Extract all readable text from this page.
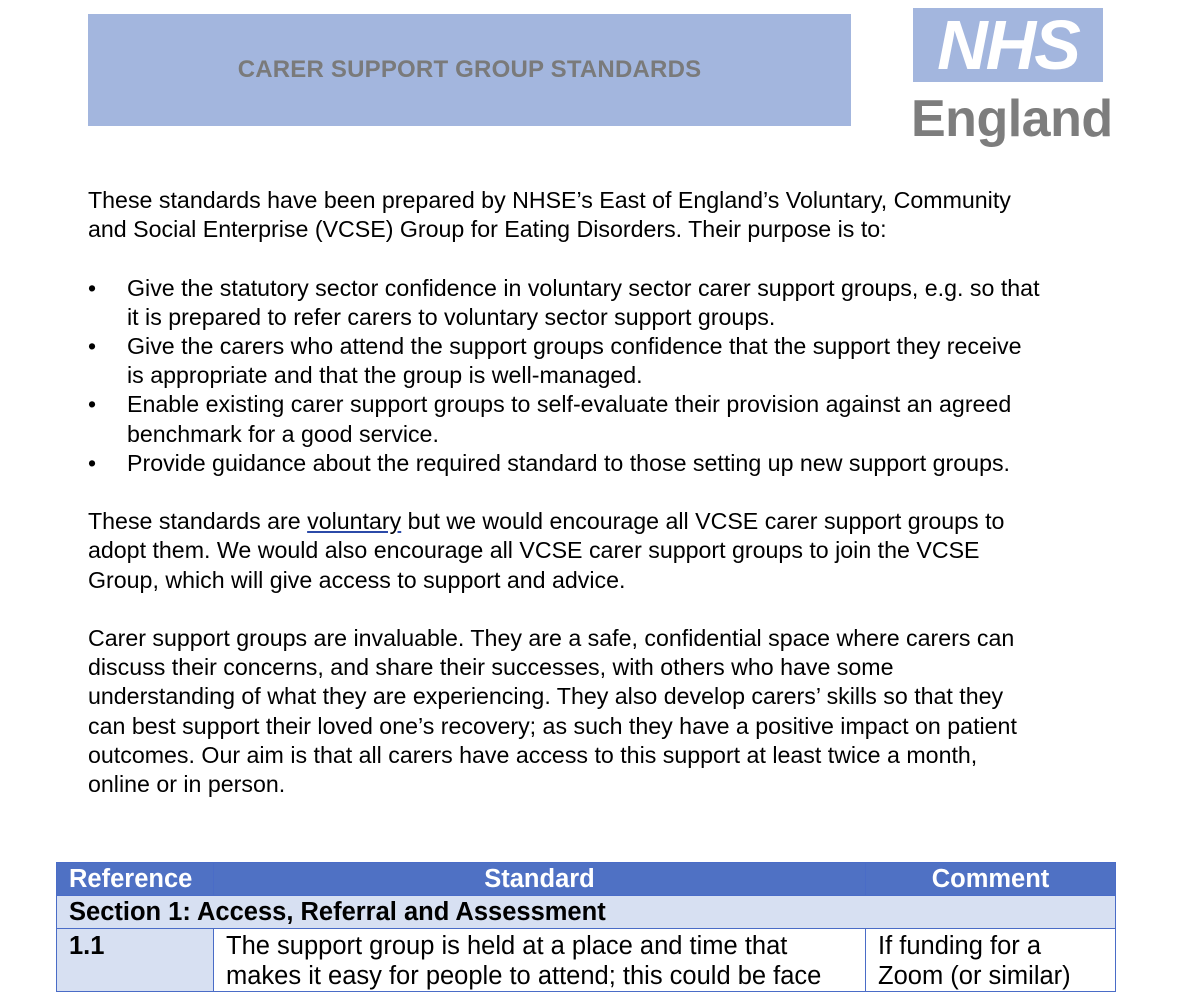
CARER SUPPORT GROUP STANDARDS	NHS
England

These standards have been prepared by NHSE’s East of England’s Voluntary, Community
and Social Enterprise (VCSE) Group for Eating Disorders. Their purpose is to:

• Give the statutory sector confidence in voluntary sector carer support groups, e.g. so that
it is prepared to refer carers to voluntary sector support groups.
• Give the carers who attend the support groups confidence that the support they receive
is appropriate and that the group is well-managed.
• Enable existing carer support groups to self-evaluate their provision against an agreed
benchmark for a good service.
• Provide guidance about the required standard to those setting up new support groups.

These standards are voluntary but we would encourage all VCSE carer support groups to
adopt them. We would also encourage all VCSE carer support groups to join the VCSE
Group, which will give access to support and advice.

Carer support groups are invaluable. They are a safe, confidential space where carers can
discuss their concerns, and share their successes, with others who have some
understanding of what they are experiencing. They also develop carers’ skills so that they
can best support their loved one’s recovery; as such they have a positive impact on patient
outcomes. Our aim is that all carers have access to this support at least twice a month,
online or in person.

Reference	Standard	Comment
Section 1: Access, Referral and Assessment		
1.1	The support group is held at a place and time that
makes it easy for people to attend; this could be face	If funding for a
Zoom (or similar)
